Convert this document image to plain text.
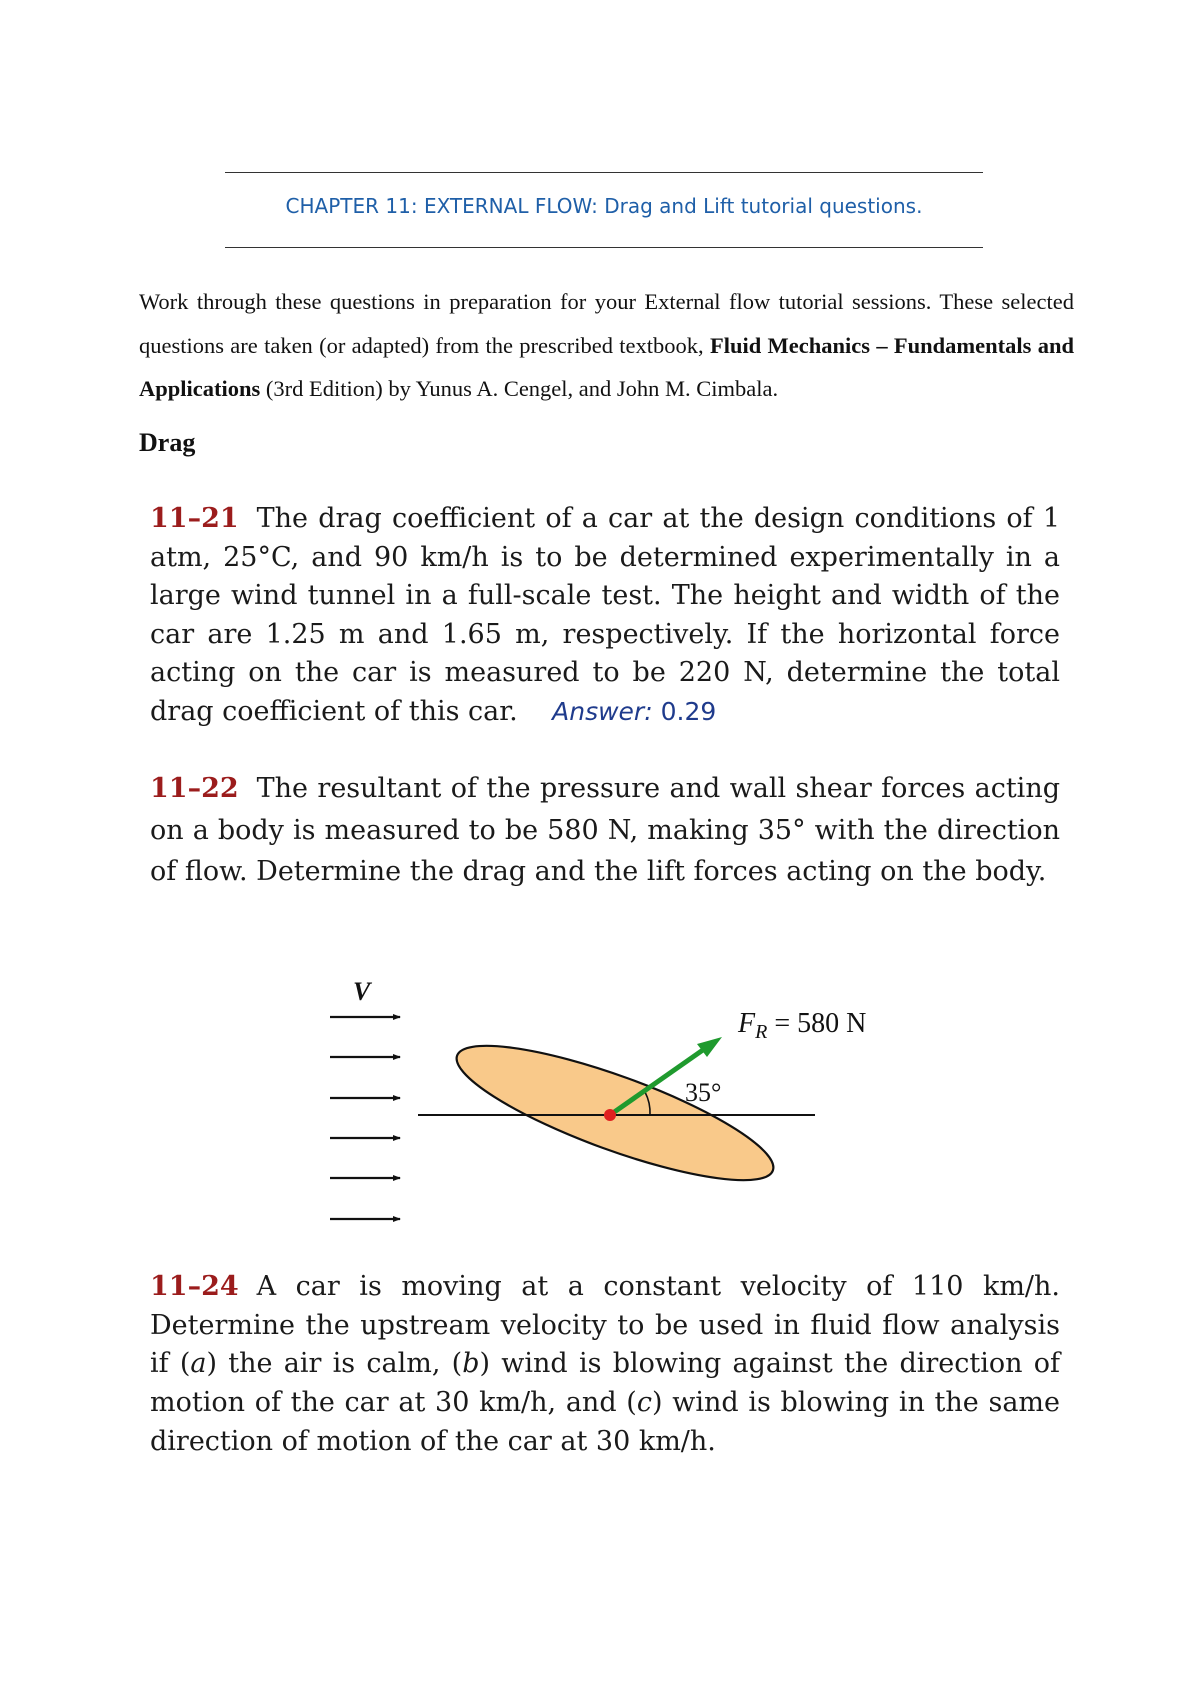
CHAPTER 11: EXTERNAL FLOW: Drag and Lift tutorial questions.
Work through these questions in preparation for your External flow tutorial sessions. These selected questions are taken (or adapted) from the prescribed textbook, Fluid Mechanics – Fundamentals and Applications (3rd Edition) by Yunus A. Cengel, and John M. Cimbala.
Drag
11–21 The drag coefficient of a car at the design conditions of 1 atm, 25°C, and 90 km/h is to be determined experimentally in a large wind tunnel in a full-scale test. The height and width of the car are 1.25 m and 1.65 m, respectively. If the horizontal force acting on the car is measured to be 220 N, determine the total drag coefficient of this car. Answer: 0.29
11–22 The resultant of the pressure and wall shear forces acting on a body is measured to be 580 N, making 35° with the direction of flow. Determine the drag and the lift forces acting on the body.
V
$F_R = 580$ N
35°
11–24 A car is moving at a constant velocity of 110 km/h. Determine the upstream velocity to be used in fluid flow analysis if (a) the air is calm, (b) wind is blowing against the direction of motion of the car at 30 km/h, and (c) wind is blowing in the same direction of motion of the car at 30 km/h.
